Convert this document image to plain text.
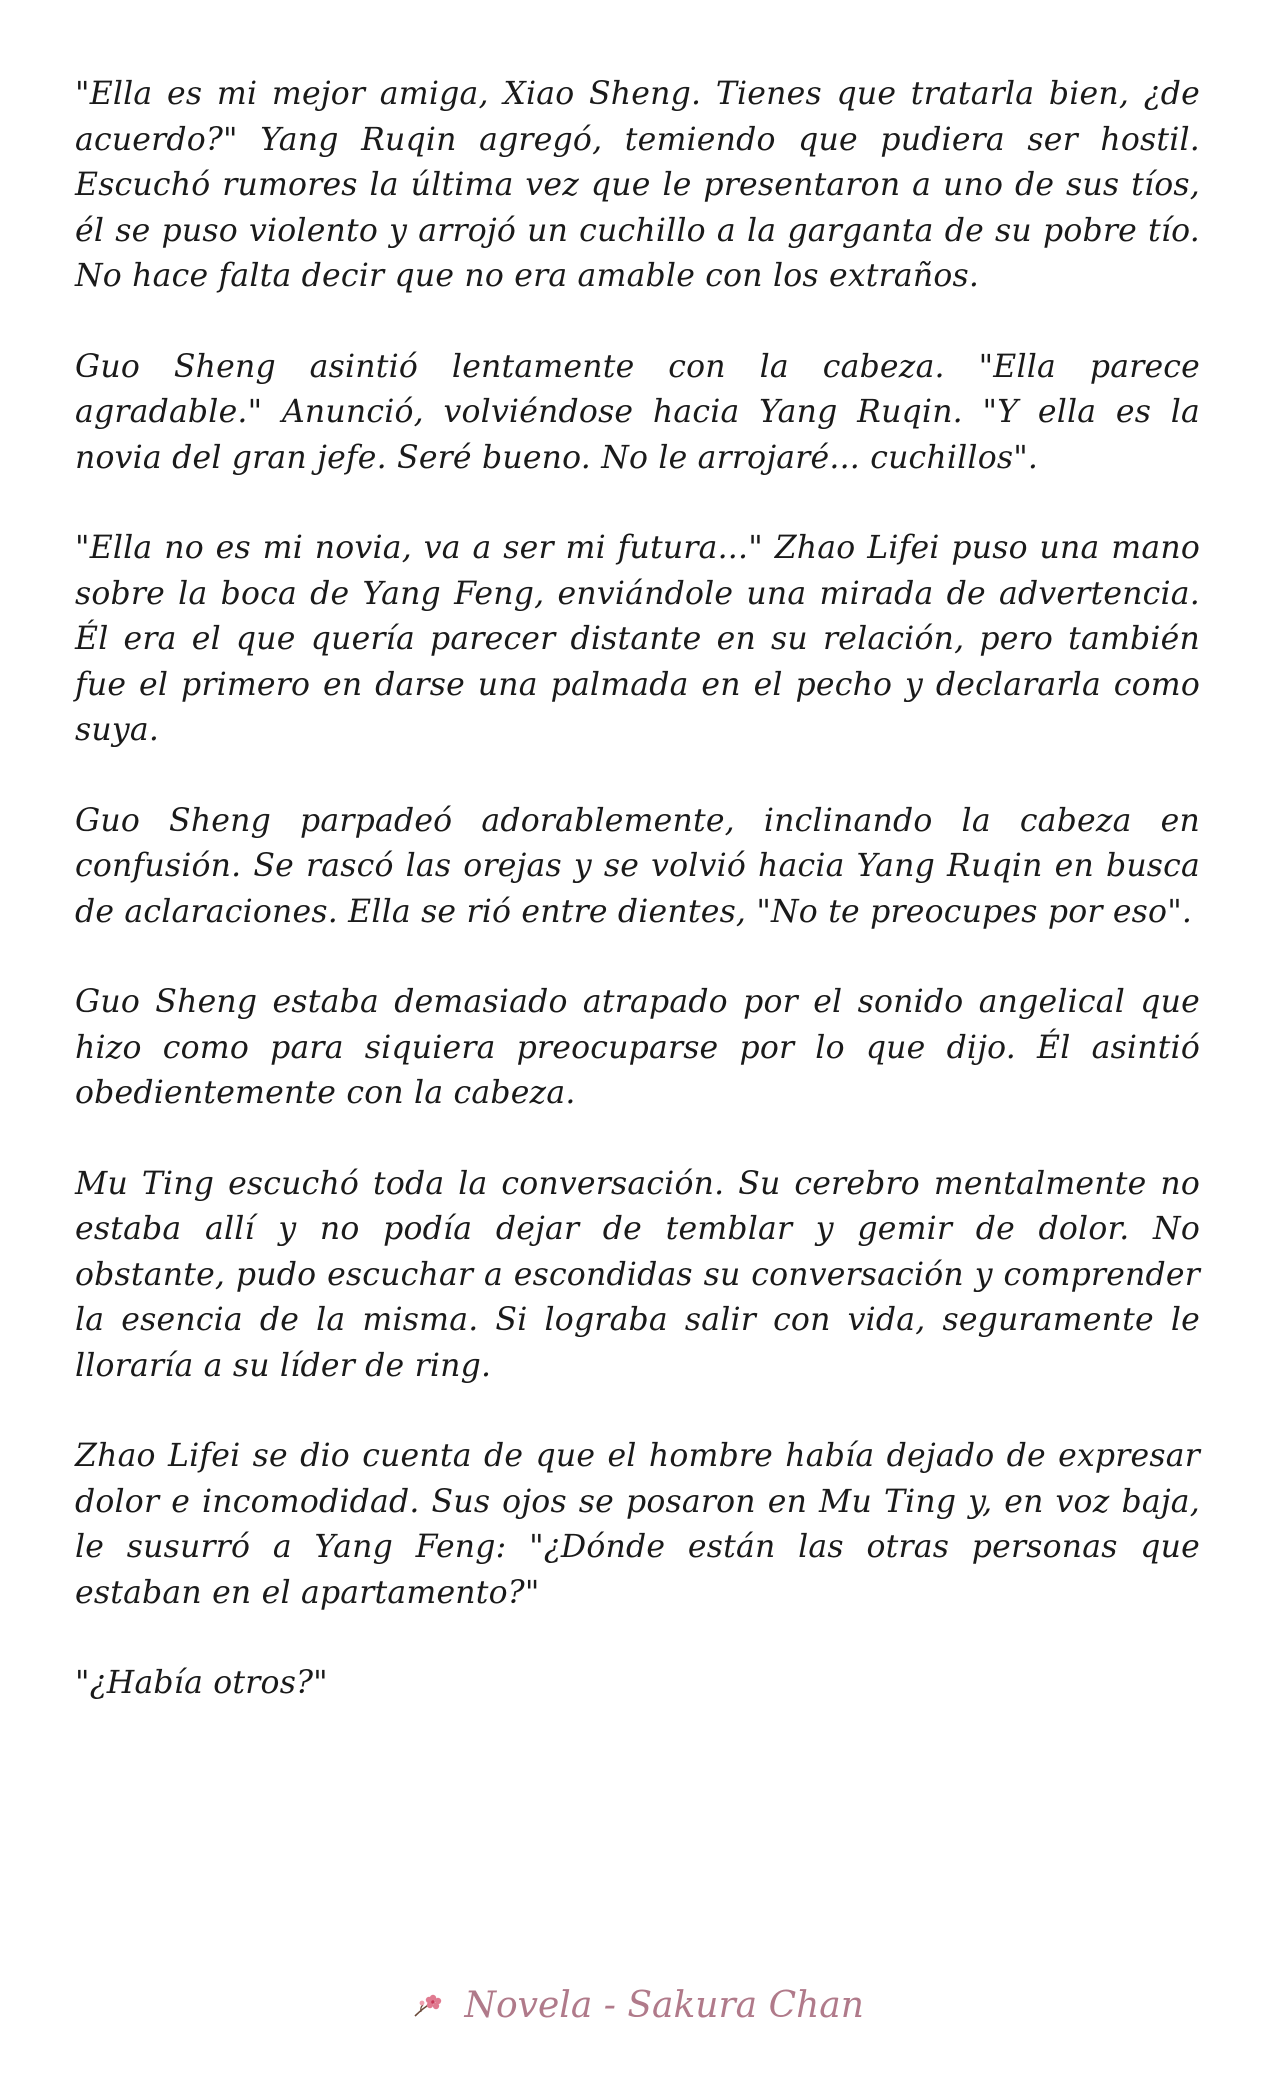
"Ella es mi mejor amiga, Xiao Sheng. Tienes que tratarla bien, ¿de acuerdo?" Yang Ruqin agregó, temiendo que pudiera ser hostil. Escuchó rumores la última vez que le presentaron a uno de sus tíos, él se puso violento y arrojó un cuchillo a la garganta de su pobre tío. No hace falta decir que no era amable con los extraños.

Guo Sheng asintió lentamente con la cabeza. "Ella parece agradable." Anunció, volviéndose hacia Yang Ruqin. "Y ella es la novia del gran jefe. Seré bueno. No le arrojaré... cuchillos".

"Ella no es mi novia, va a ser mi futura..." Zhao Lifei puso una mano sobre la boca de Yang Feng, enviándole una mirada de advertencia. Él era el que quería parecer distante en su relación, pero también fue el primero en darse una palmada en el pecho y declararla como suya.

Guo Sheng parpadeó adorablemente, inclinando la cabeza en confusión. Se rascó las orejas y se volvió hacia Yang Ruqin en busca de aclaraciones. Ella se rió entre dientes, "No te preocupes por eso".

Guo Sheng estaba demasiado atrapado por el sonido angelical que hizo como para siquiera preocuparse por lo que dijo. Él asintió obedientemente con la cabeza.

Mu Ting escuchó toda la conversación. Su cerebro mentalmente no estaba allí y no podía dejar de temblar y gemir de dolor. No obstante, pudo escuchar a escondidas su conversación y comprender la esencia de la misma. Si lograba salir con vida, seguramente le lloraría a su líder de ring.

Zhao Lifei se dio cuenta de que el hombre había dejado de expresar dolor e incomodidad. Sus ojos se posaron en Mu Ting y, en voz baja, le susurró a Yang Feng: "¿Dónde están las otras personas que estaban en el apartamento?"

"¿Había otros?"

Novela - Sakura Chan
